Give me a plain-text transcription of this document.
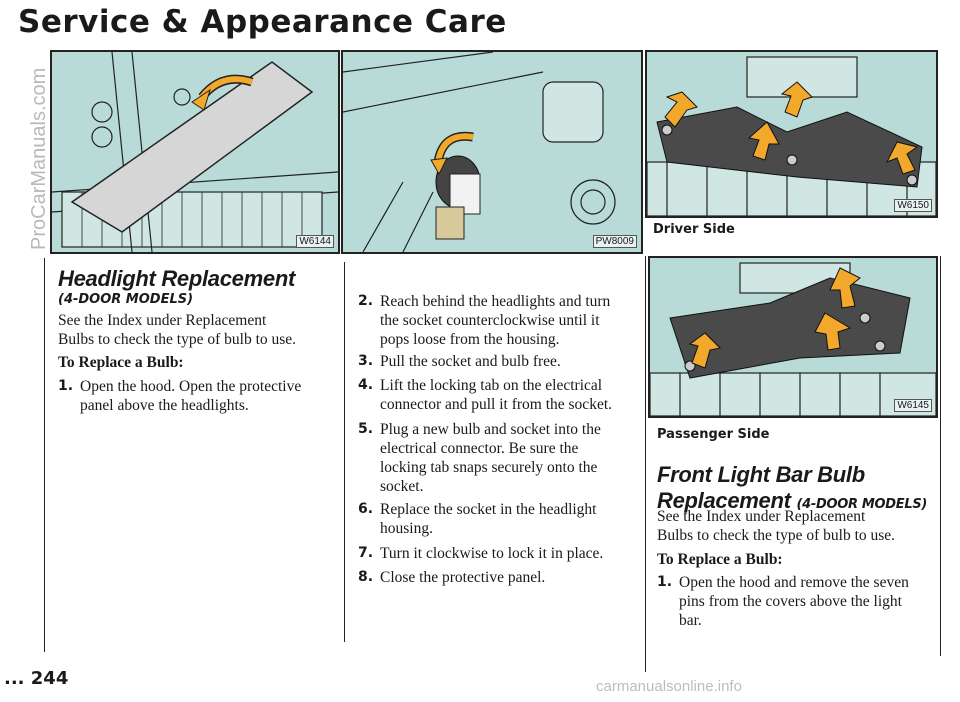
Service & Appearance Care
W6144	PW8009
W6150
Driver Side
W6145
Passenger Side
Headlight Replacement
(4-DOOR MODELS)
See the Index under Replacement
Bulbs to check the type of bulb to use.
To Replace a Bulb:
1. Open the hood. Open the protective
panel above the headlights.
2. Reach behind the headlights and turn
the socket counterclockwise until it
pops loose from the housing.
3. Pull the socket and bulb free.
4. Lift the locking tab on the electrical
connector and pull it from the socket.
5. Plug a new bulb and socket into the
electrical connector. Be sure the
locking tab snaps securely onto the
socket.
6. Replace the socket in the headlight
housing.
7. Turn it clockwise to lock it in place.
8. Close the protective panel.
Front Light Bar Bulb
Replacement (4-DOOR MODELS)
See the Index under Replacement
Bulbs to check the type of bulb to use.
To Replace a Bulb:
1. Open the hood and remove the seven
pins from the covers above the light
bar.
... 244
ProCarManuals.com
carmanualsonline.info
